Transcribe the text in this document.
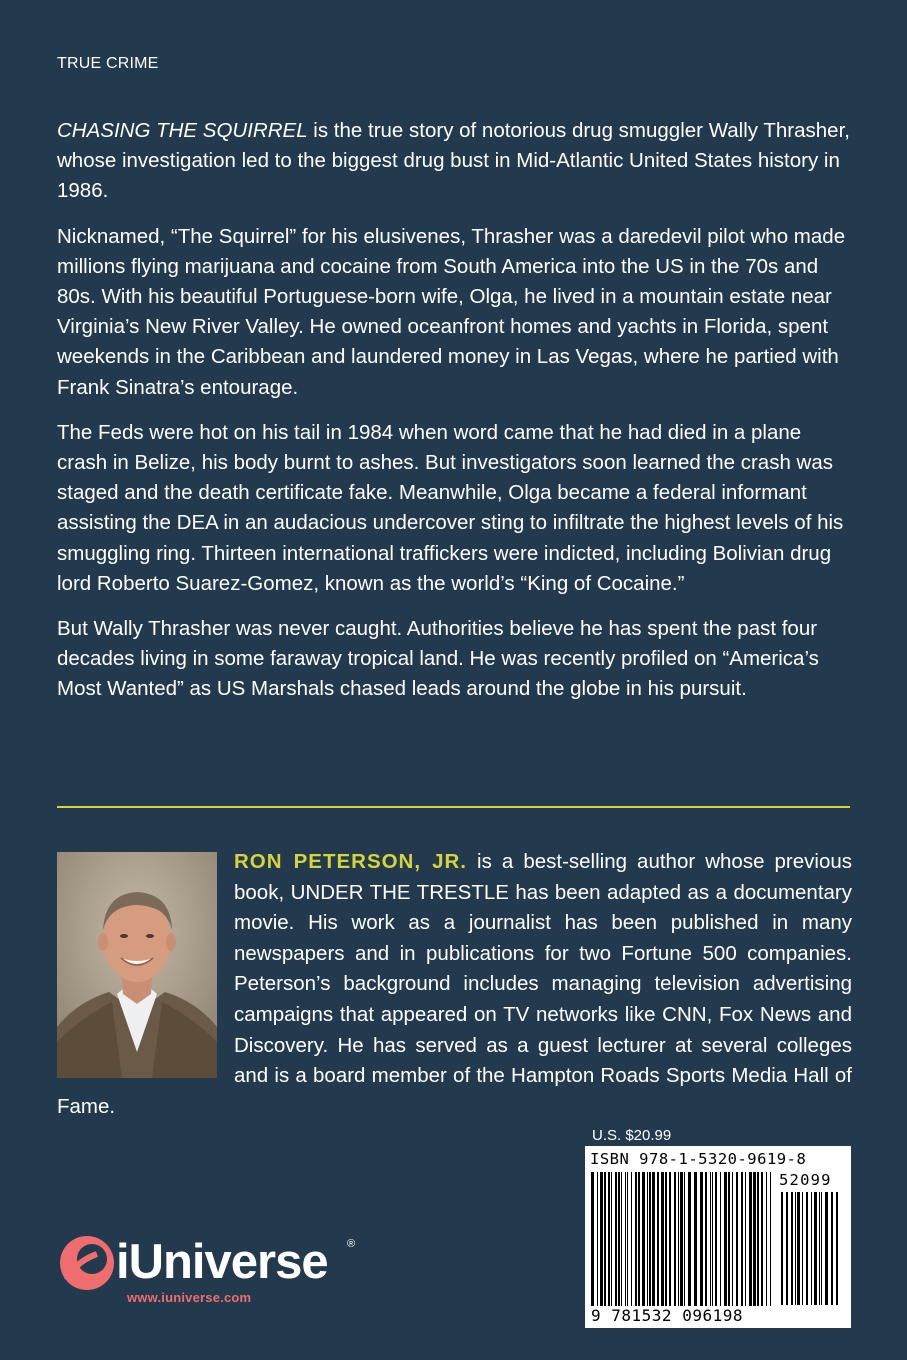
TRUE CRIME

CHASING THE SQUIRREL is the true story of notorious drug smuggler Wally Thrasher, whose investigation led to the biggest drug bust in Mid-Atlantic United States history in 1986.

Nicknamed, “The Squirrel” for his elusivenes, Thrasher was a daredevil pilot who made millions flying marijuana and cocaine from South America into the US in the 70s and 80s. With his beautiful Portuguese-born wife, Olga, he lived in a mountain estate near Virginia’s New River Valley. He owned oceanfront homes and yachts in Florida, spent weekends in the Caribbean and laundered money in Las Vegas, where he partied with Frank Sinatra’s entourage.

The Feds were hot on his tail in 1984 when word came that he had died in a plane crash in Belize, his body burnt to ashes. But investigators soon learned the crash was staged and the death certificate fake. Meanwhile, Olga became a federal informant assisting the DEA in an audacious undercover sting to infiltrate the highest levels of his smuggling ring. Thirteen international traffickers were indicted, including Bolivian drug lord Roberto Suarez-Gomez, known as the world’s “King of Cocaine.”

But Wally Thrasher was never caught. Authorities believe he has spent the past four decades living in some faraway tropical land. He was recently profiled on “America’s Most Wanted” as US Marshals chased leads around the globe in his pursuit.

RON PETERSON, JR. is a best-selling author whose previous book, UNDER THE TRESTLE has been adapted as a documentary movie. His work as a journalist has been published in many newspapers and in publications for two Fortune 500 companies. Peterson’s background includes managing television advertising campaigns that appeared on TV networks like CNN, Fox News and Discovery. He has served as a guest lecturer at several colleges and is a board member of the Hampton Roads Sports Media Hall of Fame.
U.S. $20.99
ISBN 978-1-5320-9619-8
52099
9 781532 096198
iUniverse ®
www.iuniverse.com
